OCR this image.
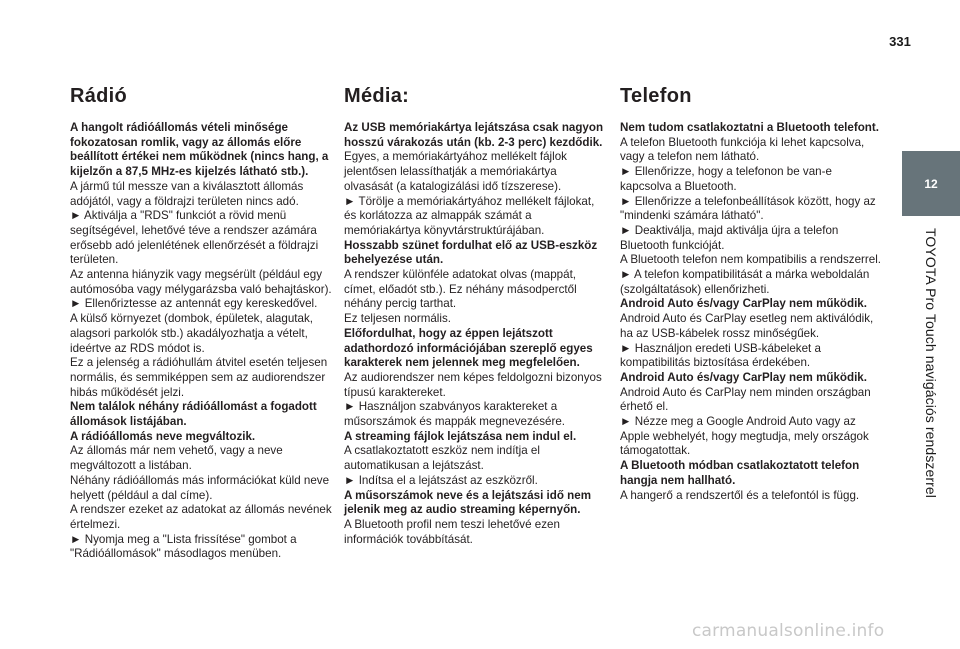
331
12
TOYOTA Pro Touch navigációs rendszerrel
Rádió

A hangolt rádióállomás vételi minősége fokozatosan romlik, vagy az állomás előre beállított értékei nem működnek (nincs hang, a kijelzőn a 87,5 MHz-es kijelzés látható stb.).

A jármű túl messze van a kiválasztott állomás adójától, vagy a földrajzi területen nincs adó.

► Aktiválja a "RDS" funkciót a rövid menü segítségével, lehetővé téve a rendszer azámára erősebb adó jelenlétének ellenőrzését a földrajzi területen.

Az antenna hiányzik vagy megsérült (például egy autómosóba vagy mélygarázsba való behajtáskor).

► Ellenőriztesse az antennát egy kereskedővel.

A külső környezet (dombok, épületek, alagutak, alagsori parkolók stb.) akadályozhatja a vételt, ideértve az RDS módot is.

Ez a jelenség a rádióhullám átvitel esetén teljesen normális, és semmiképpen sem az audiorendszer hibás működését jelzi.

Nem találok néhány rádióállomást a fogadott állomások listájában.

A rádióállomás neve megváltozik.

Az állomás már nem vehető, vagy a neve megváltozott a listában.

Néhány rádióállomás más információkat küld neve helyett (például a dal címe).

A rendszer ezeket az adatokat az állomás nevének értelmezi.

► Nyomja meg a "Lista frissítése" gombot a "Rádióállomások" másodlagos menüben.

Média:

Az USB memóriakártya lejátszása csak nagyon hosszú várakozás után (kb. 2-3 perc) kezdődik.

Egyes, a memóriakártyához mellékelt fájlok jelentősen lelassíthatják a memóriakártya olvasását (a katalogizálási idő tízszerese).

► Törölje a memóriakártyához mellékelt fájlokat, és korlátozza az almappák számát a memóriakártya könyvtárstruktúrájában.

Hosszabb szünet fordulhat elő az USB-eszköz behelyezése után.

A rendszer különféle adatokat olvas (mappát, címet, előadót stb.). Ez néhány másodperctől néhány percig tarthat.

Ez teljesen normális.

Előfordulhat, hogy az éppen lejátszott adathordozó információjában szereplő egyes karakterek nem jelennek meg megfelelően.

Az audiorendszer nem képes feldolgozni bizonyos típusú karaktereket.

► Használjon szabványos karaktereket a műsorszámok és mappák megnevezésére.

A streaming fájlok lejátszása nem indul el.

A csatlakoztatott eszköz nem indítja el automatikusan a lejátszást.

► Indítsa el a lejátszást az eszközről.

A műsorszámok neve és a lejátszási idő nem jelenik meg az audio streaming képernyőn.

A Bluetooth profil nem teszi lehetővé ezen információk továbbítását.

Telefon

Nem tudom csatlakoztatni a Bluetooth telefont.

A telefon Bluetooth funkciója ki lehet kapcsolva, vagy a telefon nem látható.

► Ellenőrizze, hogy a telefonon be van-e kapcsolva a Bluetooth.

► Ellenőrizze a telefonbeállítások között, hogy az "mindenki számára látható".

► Deaktiválja, majd aktiválja újra a telefon Bluetooth funkcióját.

A Bluetooth telefon nem kompatibilis a rendszerrel.

► A telefon kompatibilitását a márka weboldalán (szolgáltatások) ellenőrizheti.

Android Auto és/vagy CarPlay nem működik.

Android Auto és CarPlay esetleg nem aktiválódik, ha az USB-kábelek rossz minőségűek.

► Használjon eredeti USB-kábeleket a kompatibilitás biztosítása érdekében.

Android Auto és/vagy CarPlay nem működik.

Android Auto és CarPlay nem minden országban érhető el.

► Nézze meg a Google Android Auto vagy az Apple webhelyét, hogy megtudja, mely országok támogatottak.

A Bluetooth módban csatlakoztatott telefon hangja nem hallható.

A hangerő a rendszertől és a telefontól is függ.

carmanualsonline.info
